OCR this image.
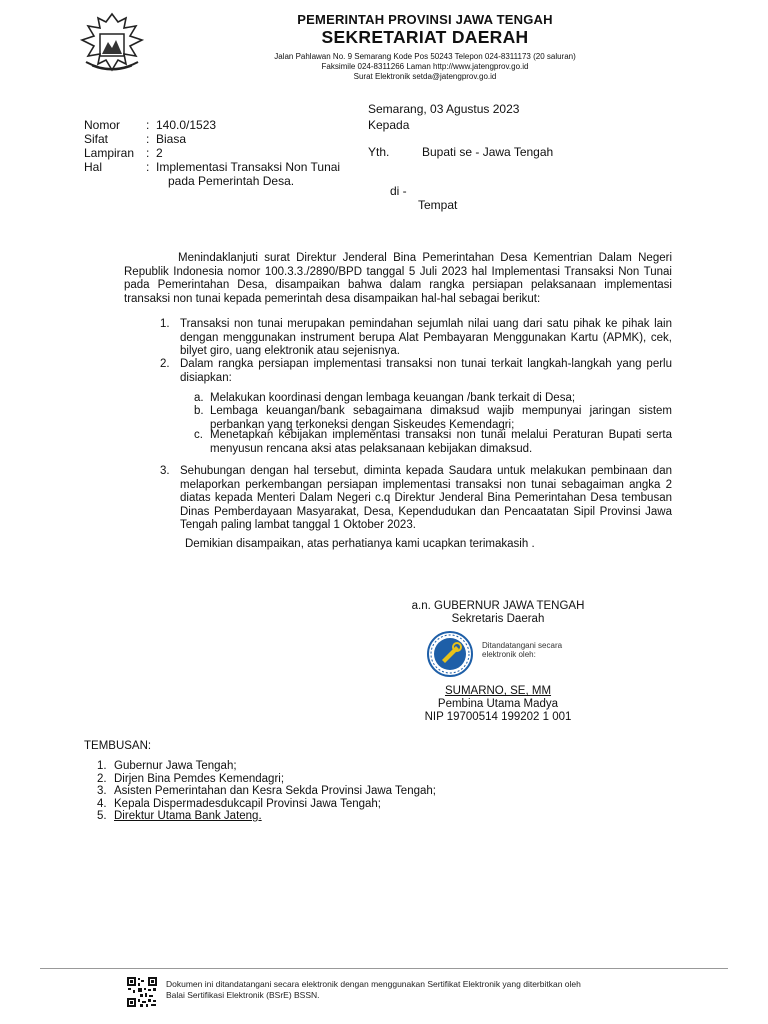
PEMERINTAH PROVINSI JAWA TENGAH
SEKRETARIAT DAERAH
Jalan Pahlawan No. 9 Semarang Kode Pos 50243 Telepon 024-8311173 (20 saluran)
Faksimile 024-8311266 Laman http://www.jatengprov.go.id
Surat Elektronik setda@jatengprov.go.id
Semarang, 03 Agustus 2023
Kepada
Yth.	Bupati se - Jawa Tengah
di -
Tempat
Nomor	: 140.0/1523
Sifat	: Biasa
Lampiran : 2
Hal	: Implementasi Transaksi Non Tunai
pada Pemerintah Desa.
Menindaklanjuti surat Direktur Jenderal Bina Pemerintahan Desa Kementrian Dalam Negeri Republik Indonesia nomor 100.3.3./2890/BPD tanggal 5 Juli 2023 hal Implementasi Transaksi Non Tunai pada Pemerintahan Desa, disampaikan bahwa dalam rangka persiapan pelaksanaan implementasi transaksi non tunai kepada pemerintah desa disampaikan hal-hal sebagai berikut:
1. Transaksi non tunai merupakan pemindahan sejumlah nilai uang dari satu pihak ke pihak lain dengan menggunakan instrument berupa Alat Pembayaran Menggunakan Kartu (APMK), cek, bilyet giro, uang elektronik atau sejenisnya.
2. Dalam rangka persiapan implementasi transaksi non tunai terkait langkah-langkah yang perlu disiapkan:
a. Melakukan koordinasi dengan lembaga keuangan /bank terkait di Desa;
b. Lembaga keuangan/bank sebagaimana dimaksud wajib mempunyai jaringan sistem perbankan yang terkoneksi dengan Siskeudes Kemendagri;
c. Menetapkan kebijakan implementasi transaksi non tunai melalui Peraturan Bupati serta menyusun rencana aksi atas pelaksanaan kebijakan dimaksud.
3. Sehubungan dengan hal tersebut, diminta kepada Saudara untuk melakukan pembinaan dan melaporkan perkembangan persiapan implementasi transaksi non tunai sebagaiman angka 2 diatas kepada Menteri Dalam Negeri c.q Direktur Jenderal Bina Pemerintahan Desa tembusan Dinas Pemberdayaan Masyarakat, Desa, Kependudukan dan Pencaatatan Sipil Provinsi Jawa Tengah paling lambat tanggal 1 Oktober 2023.
Demikian disampaikan, atas perhatianya kami ucapkan terimakasih .
a.n. GUBERNUR JAWA TENGAH
Sekretaris Daerah
Ditandatangani secara
elektronik oleh:
SUMARNO, SE, MM
Pembina Utama Madya
NIP 19700514 199202 1 001
TEMBUSAN:
1. Gubernur Jawa Tengah;
2. Dirjen Bina Pemdes Kemendagri;
3. Asisten Pemerintahan dan Kesra Sekda Provinsi Jawa Tengah;
4. Kepala Dispermadesdukcapil Provinsi Jawa Tengah;
5. Direktur Utama Bank Jateng.
Dokumen ini ditandatangani secara elektronik dengan menggunakan Sertifikat Elektronik yang diterbitkan oleh
Balai Sertifikasi Elektronik (BSrE) BSSN.
